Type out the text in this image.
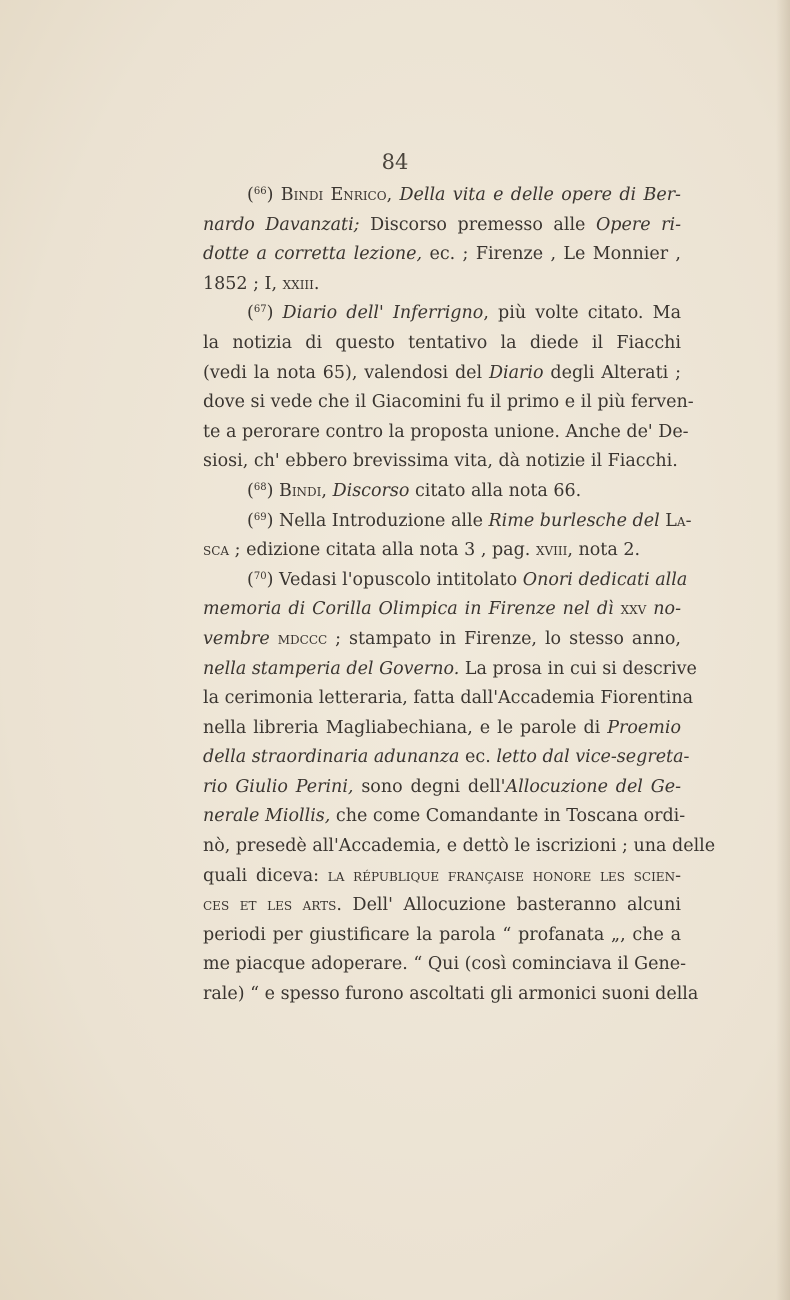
84
($^{66}$) Bindi Enrico, Della vita e delle opere di Ber-
nardo Davanzati; Discorso premesso alle Opere ri-
dotte a corretta lezione, ec. ; Firenze , Le Monnier ,
1852 ; I, xxiii.
($^{67}$) Diario dell' Inferrigno, più volte citato. Ma
la notizia di questo tentativo la diede il Fiacchi
(vedi la nota 65), valendosi del Diario degli Alterati ;
dove si vede che il Giacomini fu il primo e il più ferven-
te a perorare contro la proposta unione. Anche de' De-
siosi, ch' ebbero brevissima vita, dà notizie il Fiacchi.
($^{68}$) Bindi, Discorso citato alla nota 66.
($^{69}$) Nella Introduzione alle Rime burlesche del La-
sca ; edizione citata alla nota 3 , pag. xviii, nota 2.
($^{70}$) Vedasi l'opuscolo intitolato Onori dedicati alla
memoria di Corilla Olimpica in Firenze nel dì xxv no-
vembre mdccc ; stampato in Firenze, lo stesso anno,
nella stamperia del Governo. La prosa in cui si descrive
la cerimonia letteraria, fatta dall'Accademia Fiorentina
nella libreria Magliabechiana, e le parole di Proemio
della straordinaria adunanza ec. letto dal vice-segreta-
rio Giulio Perini, sono degni dell'Allocuzione del Ge-
nerale Miollis, che come Comandante in Toscana ordi-
nò, presedè all'Accademia, e dettò le iscrizioni ; una delle
quali diceva: la république française honore les scien-
ces et les arts. Dell' Allocuzione basteranno alcuni
periodi per giustificare la parola “ profanata „, che a
me piacque adoperare. “ Qui (così cominciava il Gene-
rale) “ e spesso furono ascoltati gli armonici suoni della
